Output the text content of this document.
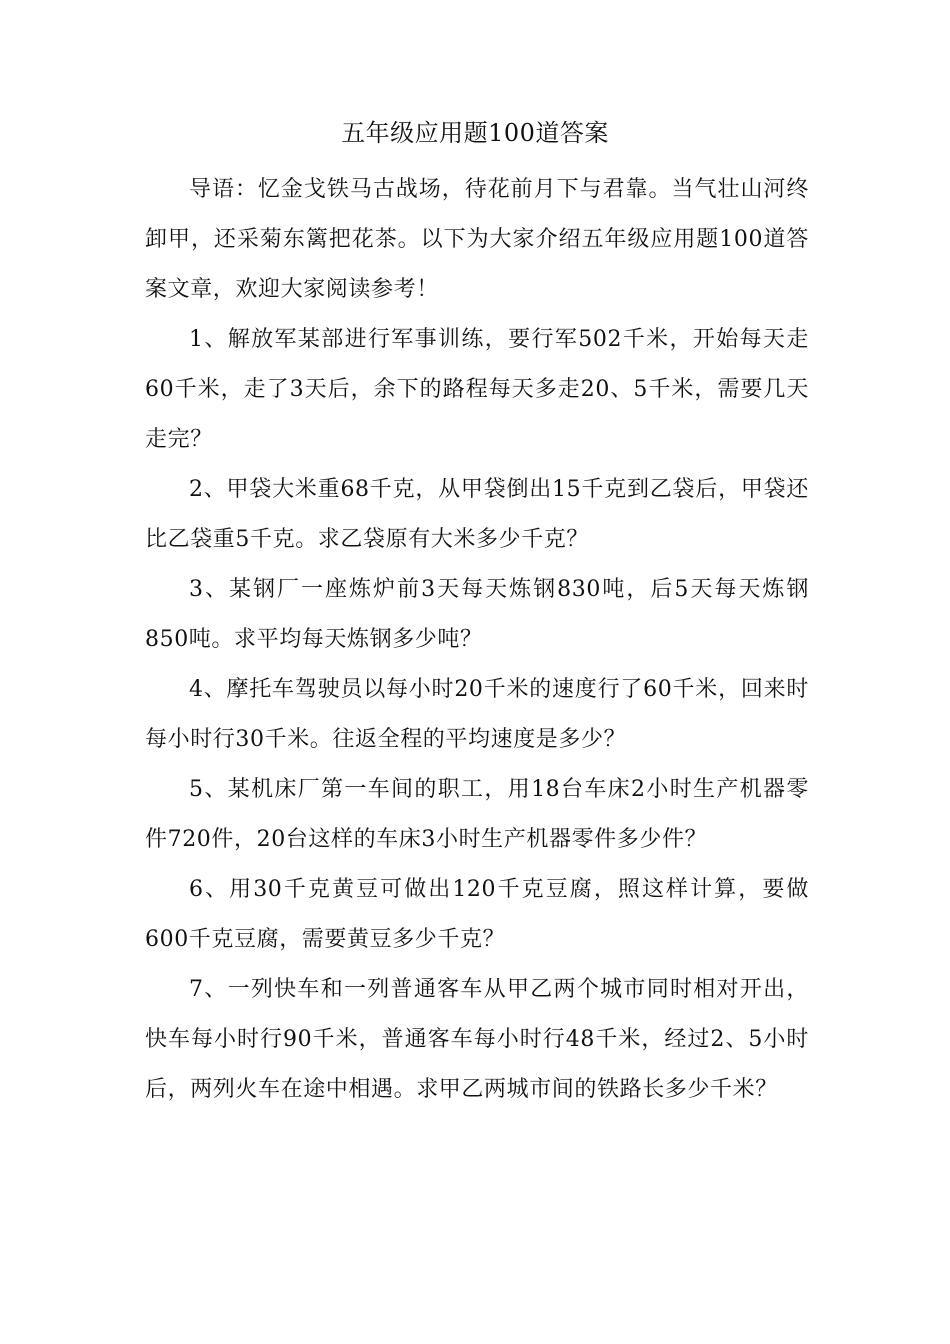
五年级应用题100道答案

导语：忆金戈铁马古战场，待花前月下与君靠。当气壮山河终卸甲，还采菊东篱把花茶。以下为大家介绍五年级应用题100道答案文章，欢迎大家阅读参考！

1、解放军某部进行军事训练，要行军502千米，开始每天走60千米，走了3天后，余下的路程每天多走20、5千米，需要几天走完？

2、甲袋大米重68千克，从甲袋倒出15千克到乙袋后，甲袋还比乙袋重5千克。求乙袋原有大米多少千克？

3、某钢厂一座炼炉前3天每天炼钢830吨，后5天每天炼钢850吨。求平均每天炼钢多少吨？

4、摩托车驾驶员以每小时20千米的速度行了60千米，回来时每小时行30千米。往返全程的平均速度是多少？

5、某机床厂第一车间的职工，用18台车床2小时生产机器零件720件，20台这样的车床3小时生产机器零件多少件？

6、用30千克黄豆可做出120千克豆腐，照这样计算，要做600千克豆腐，需要黄豆多少千克？

7、一列快车和一列普通客车从甲乙两个城市同时相对开出，快车每小时行90千米，普通客车每小时行48千米，经过2、5小时后，两列火车在途中相遇。求甲乙两城市间的铁路长多少千米？
